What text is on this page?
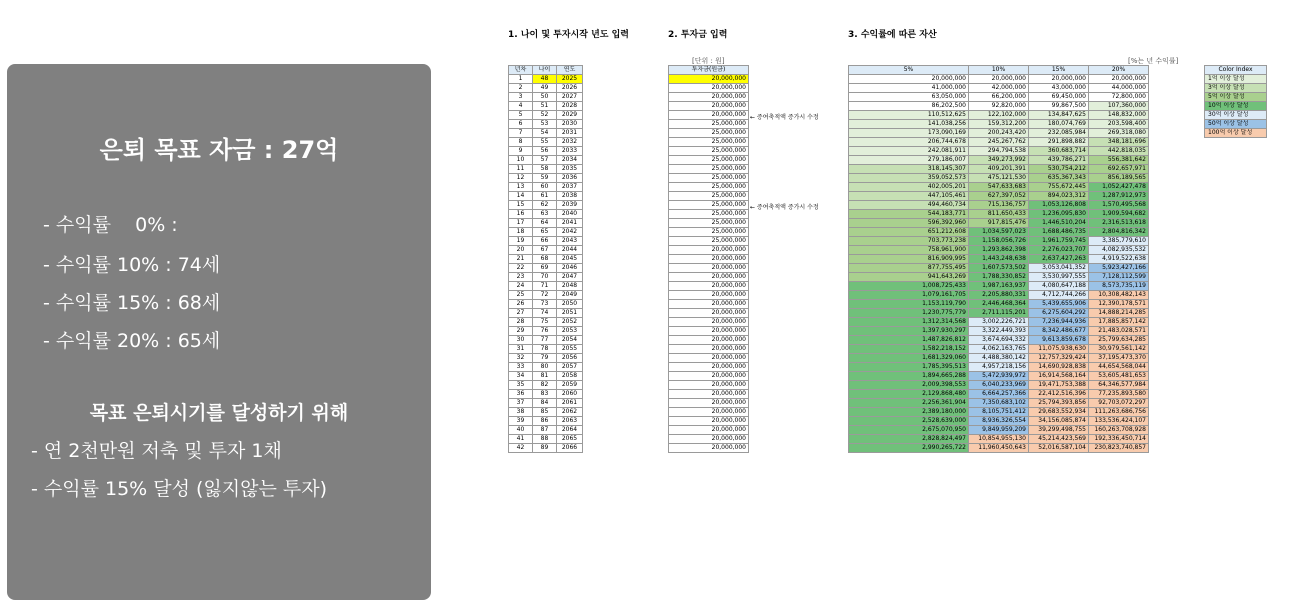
은퇴 목표 자금 : 27억
- 수익률    0% :
- 수익률 10% : 74세
- 수익률 15% : 68세
- 수익률 20% : 65세
목표 은퇴시기를 달성하기 위해
- 연 2천만원 저축 및 투자 1채
- 수익률 15% 달성 (잃지않는 투자)
1. 나이 및 투자시작 년도 입력	2. 투자금 입력	3. 수익률에 따른 자산
[단위 : 원]	[%는 년 수익률]
년차	나이	연도
1	48	2025
2	49	2026
3	50	2027
4	51	2028
5	52	2029
6	53	2030
7	54	2031
8	55	2032
9	56	2033
10	57	2034
11	58	2035
12	59	2036
13	60	2037
14	61	2038
15	62	2039
16	63	2040
17	64	2041
18	65	2042
19	66	2043
20	67	2044
21	68	2045
22	69	2046
23	70	2047
24	71	2048
25	72	2049
26	73	2050
27	74	2051
28	75	2052
29	76	2053
30	77	2054
31	78	2055
32	79	2056
33	80	2057
34	81	2058
35	82	2059
36	83	2060
37	84	2061
38	85	2062
39	86	2063
40	87	2064
41	88	2065
42	89	2066
투자금(원금)
20,000,000
20,000,000
20,000,000
20,000,000
20,000,000
25,000,000
25,000,000
25,000,000
25,000,000
25,000,000
25,000,000
25,000,000
25,000,000
25,000,000
25,000,000
25,000,000
25,000,000
25,000,000
25,000,000
20,000,000
20,000,000
20,000,000
20,000,000
20,000,000
20,000,000
20,000,000
20,000,000
20,000,000
20,000,000
20,000,000
20,000,000
20,000,000
20,000,000
20,000,000
20,000,000
20,000,000
20,000,000
20,000,000
20,000,000
20,000,000
20,000,000
20,000,000
← 증여축적액 증가시 수정
← 증여축적액 증가시 수정
5%	10%	15%	20%
20,000,000	20,000,000	20,000,000	20,000,000
41,000,000	42,000,000	43,000,000	44,000,000
63,050,000	66,200,000	69,450,000	72,800,000
86,202,500	92,820,000	99,867,500	107,360,000
110,512,625	122,102,000	134,847,625	148,832,000
141,038,256	159,312,200	180,074,769	203,598,400
173,090,169	200,243,420	232,085,984	269,318,080
206,744,678	245,267,762	291,898,882	348,181,696
242,081,911	294,794,538	360,683,714	442,818,035
279,186,007	349,273,992	439,786,271	556,381,642
318,145,307	409,201,391	530,754,212	692,657,971
359,052,573	475,121,530	635,367,343	856,189,565
402,005,201	547,633,683	755,672,445	1,052,427,478
447,105,461	627,397,052	894,023,312	1,287,912,973
494,460,734	715,136,757	1,053,126,808	1,570,495,568
544,183,771	811,650,433	1,236,095,830	1,909,594,682
596,392,960	917,815,476	1,446,510,204	2,316,513,618
651,212,608	1,034,597,023	1,688,486,735	2,804,816,342
703,773,238	1,158,056,726	1,961,759,745	3,385,779,610
758,961,900	1,293,862,398	2,276,023,707	4,082,935,532
816,909,995	1,443,248,638	2,637,427,263	4,919,522,638
877,755,495	1,607,573,502	3,053,041,352	5,923,427,166
941,643,269	1,788,330,852	3,530,997,555	7,128,112,599
1,008,725,433	1,987,163,937	4,080,647,188	8,573,735,119
1,079,161,705	2,205,880,331	4,712,744,266	10,308,482,143
1,153,119,790	2,446,468,364	5,439,655,906	12,390,178,571
1,230,775,779	2,711,115,201	6,275,604,292	14,888,214,285
1,312,314,568	3,002,226,721	7,236,944,936	17,885,857,142
1,397,930,297	3,322,449,393	8,342,486,677	21,483,028,571
1,487,826,812	3,674,694,332	9,613,859,678	25,799,634,285
1,582,218,152	4,062,163,765	11,075,938,630	30,979,561,142
1,681,329,060	4,488,380,142	12,757,329,424	37,195,473,370
1,785,395,513	4,957,218,156	14,690,928,838	44,654,568,044
1,894,665,288	5,472,939,972	16,914,568,164	53,605,481,653
2,009,398,553	6,040,233,969	19,471,753,388	64,346,577,984
2,129,868,480	6,664,257,366	22,412,516,396	77,235,893,580
2,256,361,904	7,350,683,102	25,794,393,856	92,703,072,297
2,389,180,000	8,105,751,412	29,683,552,934	111,263,686,756
2,528,639,000	8,936,326,554	34,156,085,874	133,536,424,107
2,675,070,950	9,849,959,209	39,299,498,755	160,263,708,928
2,828,824,497	10,854,955,130	45,214,423,569	192,336,450,714
2,990,265,722	11,960,450,643	52,016,587,104	230,823,740,857
Color Index
1억 이상 달성
3억 이상 달성
5억 이상 달성
10억 이상 달성
30억 이상 달성
50억 이상 달성
100억 이상 달성
